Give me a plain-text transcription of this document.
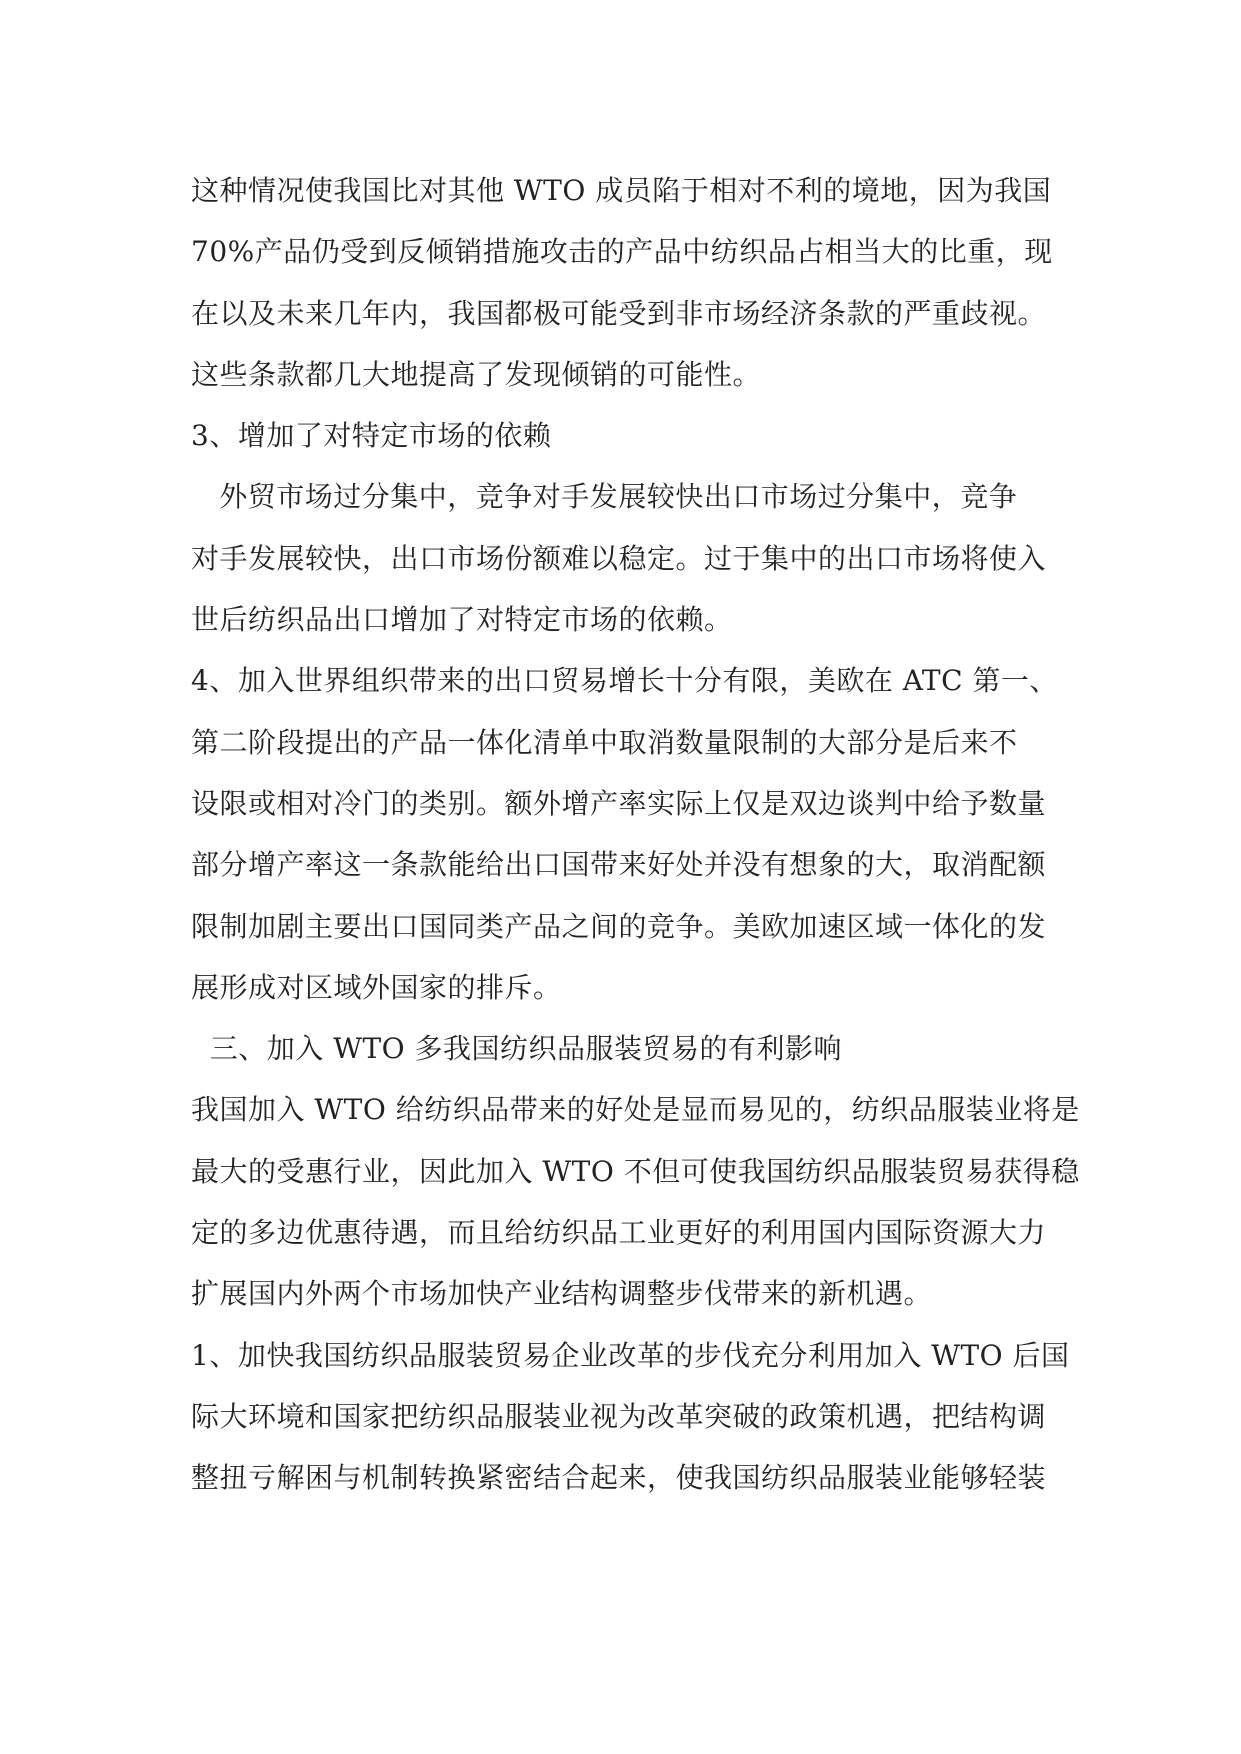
这种情况使我国比对其他 WTO 成员陷于相对不利的境地，因为我国
70%产品仍受到反倾销措施攻击的产品中纺织品占相当大的比重，现
在以及未来几年内，我国都极可能受到非市场经济条款的严重歧视。
这些条款都几大地提高了发现倾销的可能性。
3、增加了对特定市场的依赖
外贸市场过分集中，竞争对手发展较快出口市场过分集中，竞争
对手发展较快，出口市场份额难以稳定。过于集中的出口市场将使入
世后纺织品出口增加了对特定市场的依赖。
4、加入世界组织带来的出口贸易增长十分有限，美欧在 ATC 第一、
第二阶段提出的产品一体化清单中取消数量限制的大部分是后来不
设限或相对冷门的类别。额外增产率实际上仅是双边谈判中给予数量
部分增产率这一条款能给出口国带来好处并没有想象的大，取消配额
限制加剧主要出口国同类产品之间的竞争。美欧加速区域一体化的发
展形成对区域外国家的排斥。
三、加入 WTO 多我国纺织品服装贸易的有利影响
我国加入 WTO 给纺织品带来的好处是显而易见的，纺织品服装业将是
最大的受惠行业，因此加入 WTO 不但可使我国纺织品服装贸易获得稳
定的多边优惠待遇，而且给纺织品工业更好的利用国内国际资源大力
扩展国内外两个市场加快产业结构调整步伐带来的新机遇。
1、加快我国纺织品服装贸易企业改革的步伐充分利用加入 WTO 后国
际大环境和国家把纺织品服装业视为改革突破的政策机遇，把结构调
整扭亏解困与机制转换紧密结合起来，使我国纺织品服装业能够轻装
